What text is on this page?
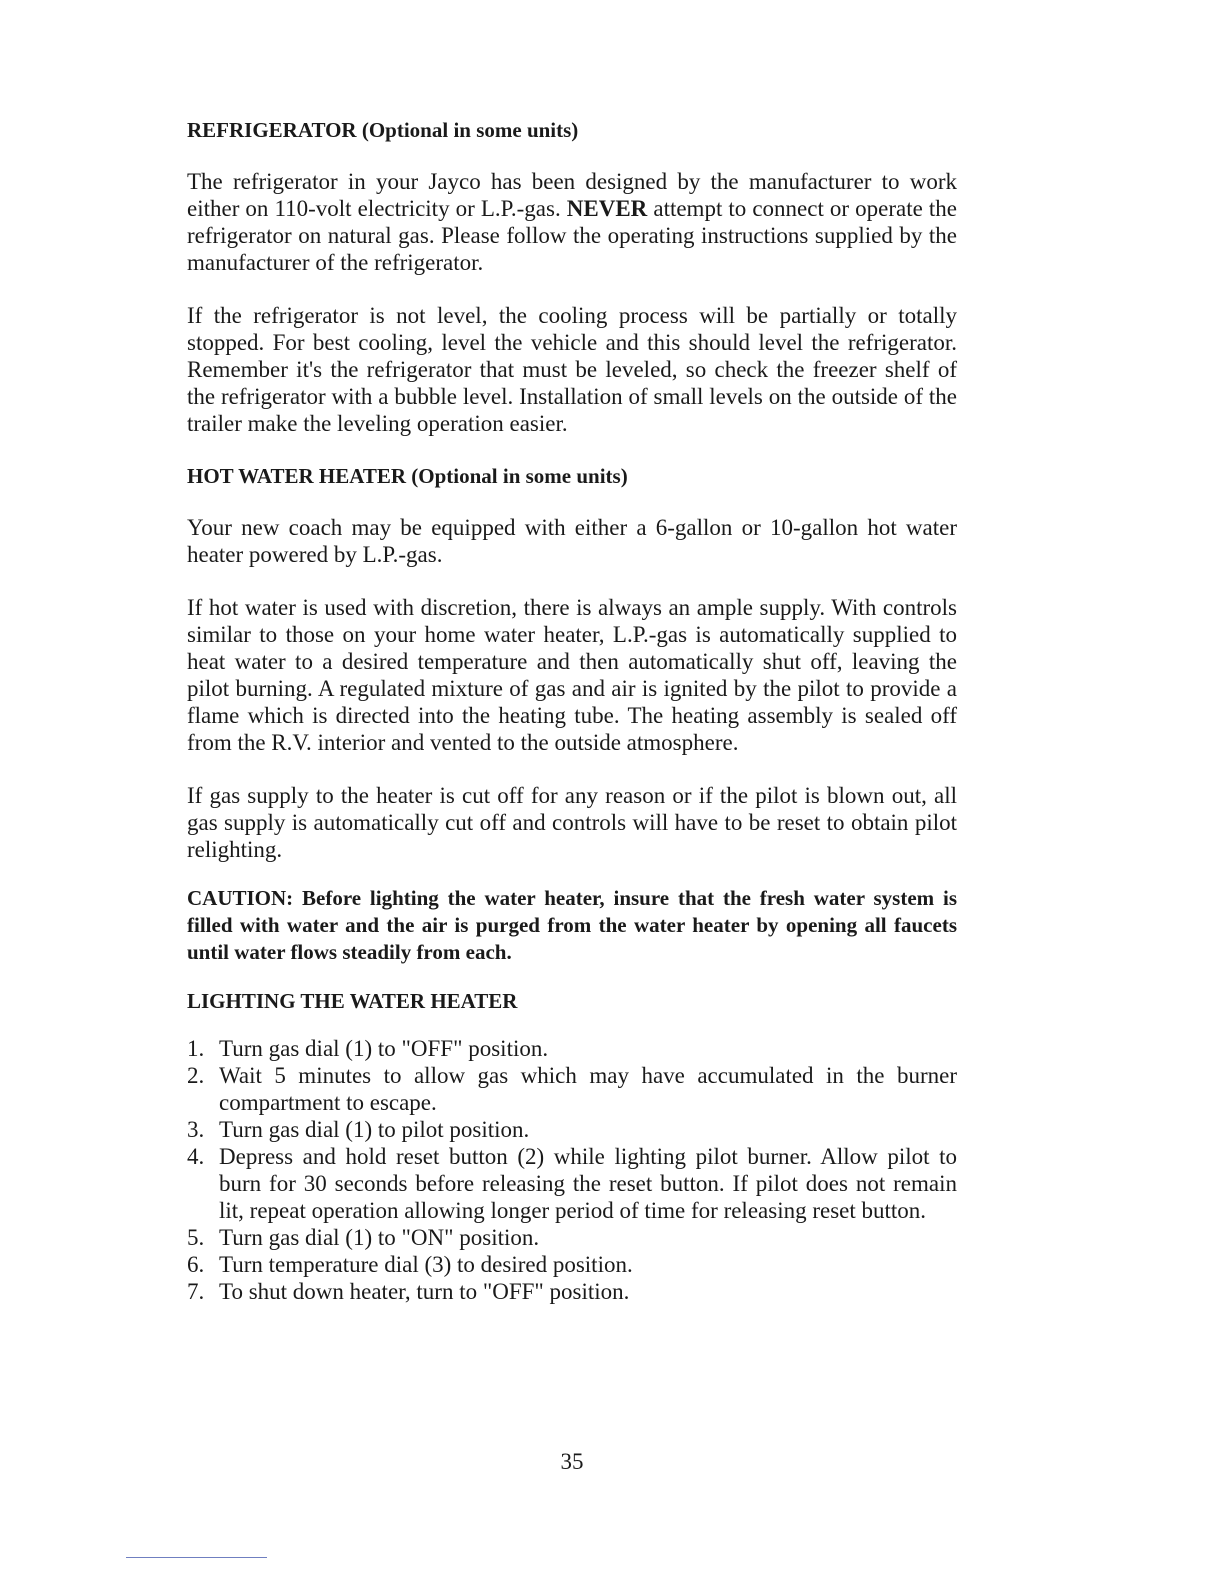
REFRIGERATOR (Optional in some units)

The refrigerator in your Jayco has been designed by the manufacturer to work either on 110-volt electricity or L.P.-gas. NEVER attempt to connect or operate the refrigerator on natural gas. Please follow the operating instructions supplied by the manufacturer of the refrigerator.

If the refrigerator is not level, the cooling process will be partially or totally stopped. For best cooling, level the vehicle and this should level the refrigerator. Remember it's the refrigerator that must be leveled, so check the freezer shelf of the refrigerator with a bubble level. Installation of small levels on the outside of the trailer make the leveling operation easier.

HOT WATER HEATER (Optional in some units)

Your new coach may be equipped with either a 6-gallon or 10-gallon hot water heater powered by L.P.-gas.

If hot water is used with discretion, there is always an ample supply. With controls similar to those on your home water heater, L.P.-gas is automatically supplied to heat water to a desired temperature and then automatically shut off, leaving the pilot burning. A regulated mixture of gas and air is ignited by the pilot to provide a flame which is directed into the heating tube. The heating assembly is sealed off from the R.V. interior and vented to the outside atmosphere.

If gas supply to the heater is cut off for any reason or if the pilot is blown out, all gas supply is automatically cut off and controls will have to be reset to obtain pilot relighting.

CAUTION: Before lighting the water heater, insure that the fresh water system is filled with water and the air is purged from the water heater by opening all faucets until water flows steadily from each.

LIGHTING THE WATER HEATER
1. Turn gas dial (1) to "OFF" position.
2. Wait 5 minutes to allow gas which may have accumulated in the burner compartment to escape.
3. Turn gas dial (1) to pilot position.
4. Depress and hold reset button (2) while lighting pilot burner. Allow pilot to burn for 30 seconds before releasing the reset button. If pilot does not remain lit, repeat operation allowing longer period of time for releasing reset button.
5. Turn gas dial (1) to "ON" position.
6. Turn temperature dial (3) to desired position.
7. To shut down heater, turn to "OFF" position.
35
